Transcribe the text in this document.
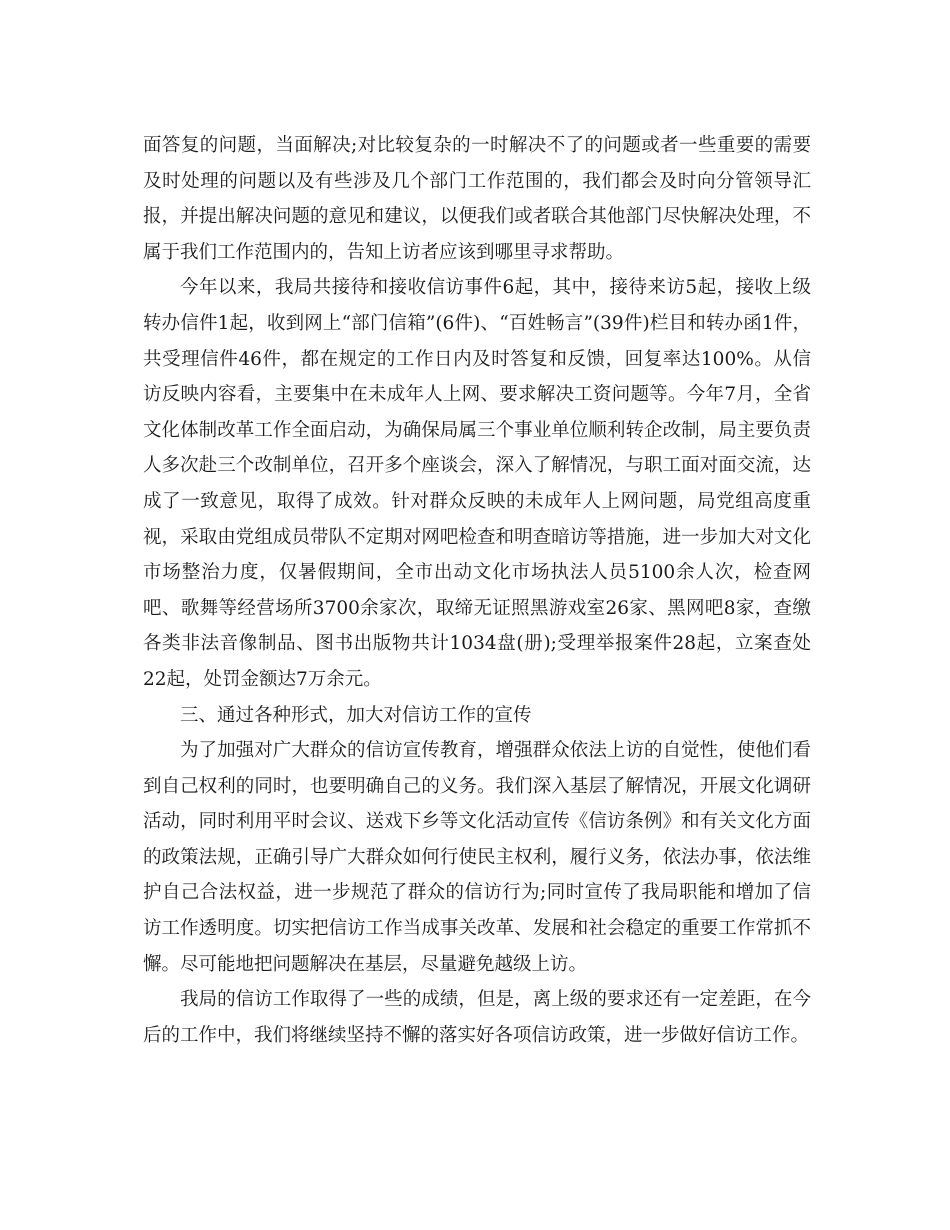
面答复的问题，当面解决;对比较复杂的一时解决不了的问题或者一些重要的需要及时处理的问题以及有些涉及几个部门工作范围的，我们都会及时向分管领导汇报，并提出解决问题的意见和建议，以便我们或者联合其他部门尽快解决处理，不属于我们工作范围内的，告知上访者应该到哪里寻求帮助。

今年以来，我局共接待和接收信访事件6起，其中，接待来访5起，接收上级转办信件1起，收到网上“部门信箱”(6件)、“百姓畅言”(39件)栏目和转办函1件，共受理信件46件，都在规定的工作日内及时答复和反馈，回复率达100%。从信访反映内容看，主要集中在未成年人上网、要求解决工资问题等。今年7月，全省文化体制改革工作全面启动，为确保局属三个事业单位顺利转企改制，局主要负责人多次赴三个改制单位，召开多个座谈会，深入了解情况，与职工面对面交流，达成了一致意见，取得了成效。针对群众反映的未成年人上网问题，局党组高度重视，采取由党组成员带队不定期对网吧检查和明查暗访等措施，进一步加大对文化市场整治力度，仅暑假期间，全市出动文化市场执法人员5100余人次，检查网吧、歌舞等经营场所3700余家次，取缔无证照黑游戏室26家、黑网吧8家，查缴各类非法音像制品、图书出版物共计1034盘(册);受理举报案件28起，立案查处22起，处罚金额达7万余元。

三、通过各种形式，加大对信访工作的宣传

为了加强对广大群众的信访宣传教育，增强群众依法上访的自觉性，使他们看到自己权利的同时，也要明确自己的义务。我们深入基层了解情况，开展文化调研活动，同时利用平时会议、送戏下乡等文化活动宣传《信访条例》和有关文化方面的政策法规，正确引导广大群众如何行使民主权利，履行义务，依法办事，依法维护自己合法权益，进一步规范了群众的信访行为;同时宣传了我局职能和增加了信访工作透明度。切实把信访工作当成事关改革、发展和社会稳定的重要工作常抓不懈。尽可能地把问题解决在基层，尽量避免越级上访。

我局的信访工作取得了一些的成绩，但是，离上级的要求还有一定差距，在今后的工作中，我们将继续坚持不懈的落实好各项信访政策，进一步做好信访工作。
